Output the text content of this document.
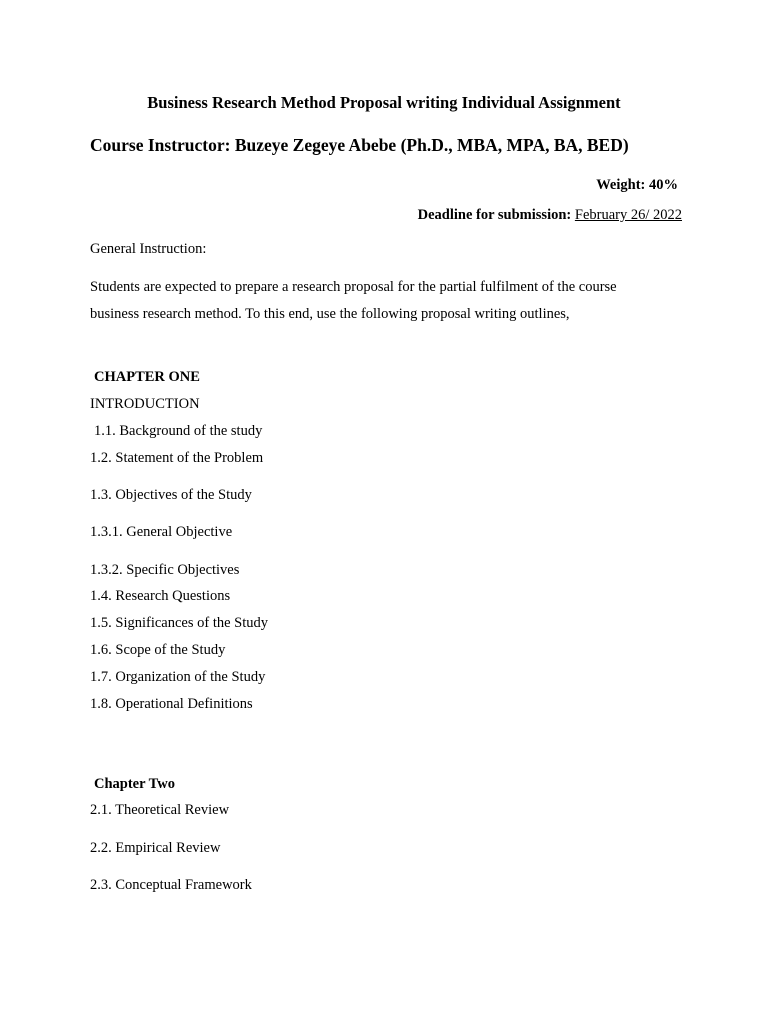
Business Research Method Proposal writing Individual Assignment
Course Instructor: Buzeye Zegeye Abebe (Ph.D., MBA, MPA, BA, BED)
Weight: 40%
Deadline for submission: February 26/ 2022
General Instruction:
Students are expected to prepare a research proposal for the partial fulfilment of the course
business research method. To this end, use the following proposal writing outlines,
CHAPTER ONE
INTRODUCTION
1.1. Background of the study
1.2. Statement of the Problem
1.3. Objectives of the Study
1.3.1. General Objective
1.3.2. Specific Objectives
1.4. Research Questions
1.5. Significances of the Study
1.6. Scope of the Study
1.7. Organization of the Study
1.8. Operational Definitions
Chapter Two
2.1. Theoretical Review
2.2. Empirical Review
2.3. Conceptual Framework
